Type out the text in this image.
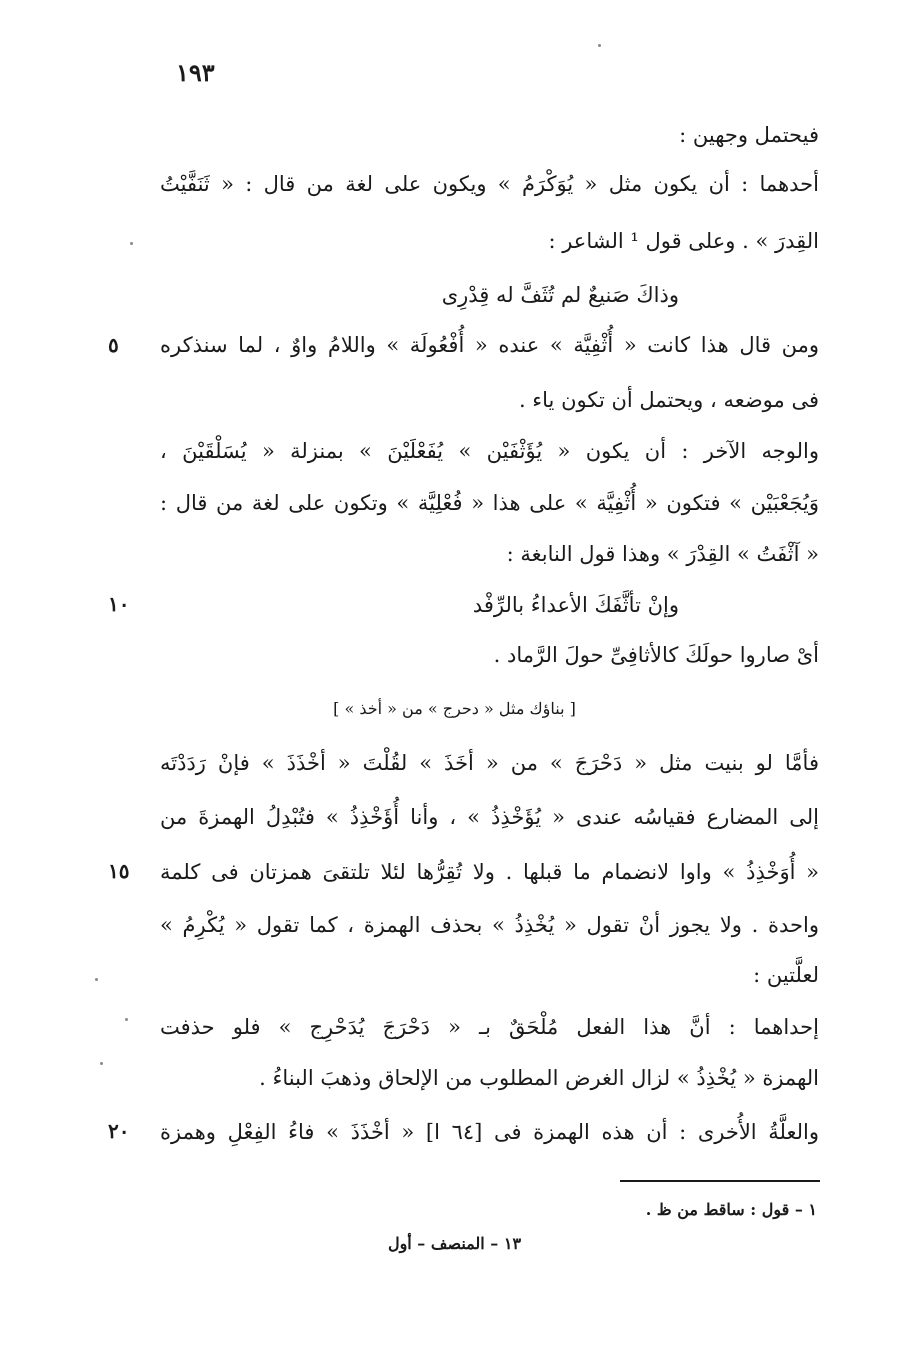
١٩٣
فيحتمل وجهين :
أحدهما : أن يكون مثل « يُوَكْرَمُ » ويكون على لغة من قال : « ثَنَفَّيْتُ
القِدرَ » . وعلى قول ¹ الشاعر :
وذاكَ صَنيعٌ لم تُثَفَّ له قِدْرِى
ومن قال هذا كانت « أُثْفِيَّة » عنده « أُفْعُولَة » واللامُ واوٌ ، لما سنذكره
٥
فى موضعه ، ويحتمل أن تكون ياء .
والوجه الآخر : أن يكون « يُؤَثْفَيْن » يُفَعْلَيْنَ » بمنزلة « يُسَلْقَيْنَ ،
وَيُجَعْبَيْن » فتكون « أُثْفِيَّة » على هذا « فُعْلِيَّة » وتكون على لغة من قال :
« آثْفَتُ » القِدْرَ » وهذا قول النابغة :
وإنْ تأثَّفَكَ الأعداءُ بالرِّفْد
١٠
أىْ صاروا حولَكَ كالأثافِىِّ حولَ الرَّماد .
[ بناؤك مثل « دحرج » من « أخذ » ]
فأمَّا لو بنيت مثل « دَحْرَجَ » من « أخَذَ » لقُلْتَ « أخْذَذَ » فإنْ رَدَدْتَه
إلى المضارع فقياسُه عندى « يُؤَخْذِذُ » ، وأنا أُؤَخْذِذُ » فتُبْدِلُ الهمزةَ من
« أُوَخْذِذُ » واوا لانضمام ما قبلها . ولا تُقِرُّها لئلا تلتقىَ همزتان فى كلمة
١٥
واحدة . ولا يجوز أنْ تقول « يُخْذِذُ » بحذف الهمزة ، كما تقول « يُكْرِمُ »
لعلَّتين :
إحداهما : أنَّ هذا الفعل مُلْحَقٌ بـ « دَحْرَجَ يُدَحْرِج » فلو حذفت
الهمزة « يُخْذِذُ » لزال الغرض المطلوب من الإلحاق وذهبَ البناءُ .
والعلَّةُ الأُخرى : أن هذه الهمزة فى [٦٤ ا] « أخْذَذَ » فاءُ الفِعْلِ وهمزة
٢٠
١ – قول : ساقط من ظ .
١٣ – المنصف – أول
